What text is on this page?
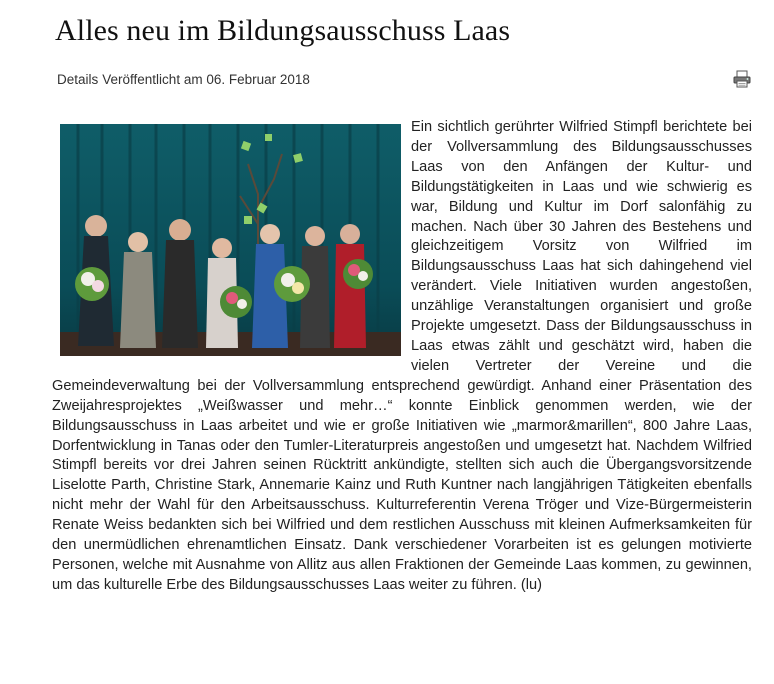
Alles neu im Bildungsausschuss Laas
Details Veröffentlicht am 06. Februar 2018

Ein sichtlich gerührter Wilfried Stimpfl berichtete bei der Vollversammlung des Bildungsausschusses Laas von den Anfängen der Kultur- und Bildungstätigkeiten in Laas und wie schwierig es war, Bildung und Kultur im Dorf salonfähig zu machen. Nach über 30 Jahren des Bestehens und gleichzeitigem Vorsitz von Wilfried im Bildungsausschuss Laas hat sich dahingehend viel verändert. Viele Initiativen wurden angestoßen, unzählige Veranstaltungen organisiert und große Projekte umgesetzt. Dass der Bildungsausschuss in Laas etwas zählt und geschätzt wird, haben die vielen Vertreter der Vereine und die Gemeindeverwaltung bei der Vollversammlung entsprechend gewürdigt. Anhand einer Präsentation des Zweijahresprojektes „Weißwasser und mehr…“ konnte Einblick genommen werden, wie der Bildungsausschuss in Laas arbeitet und wie er große Initiativen wie „marmor&marillen“, 800 Jahre Laas, Dorfentwicklung in Tanas oder den Tumler-Literaturpreis angestoßen und umgesetzt hat. Nachdem Wilfried Stimpfl bereits vor drei Jahren seinen Rücktritt ankündigte, stellten sich auch die Übergangsvorsitzende Liselotte Parth, Christine Stark, Annemarie Kainz und Ruth Kuntner nach langjährigen Tätigkeiten ebenfalls nicht mehr der Wahl für den Arbeitsausschuss. Kulturreferentin Verena Tröger und Vize-Bürgermeisterin Renate Weiss bedankten sich bei Wilfried und dem restlichen Ausschuss mit kleinen Aufmerksamkeiten für den unermüdlichen ehrenamtlichen Einsatz. Dank verschiedener Vorarbeiten ist es gelungen motivierte Personen, welche mit Ausnahme von Allitz aus allen Fraktionen der Gemeinde Laas kommen, zu gewinnen, um das kulturelle Erbe des Bildungsausschusses Laas weiter zu führen. (lu)
